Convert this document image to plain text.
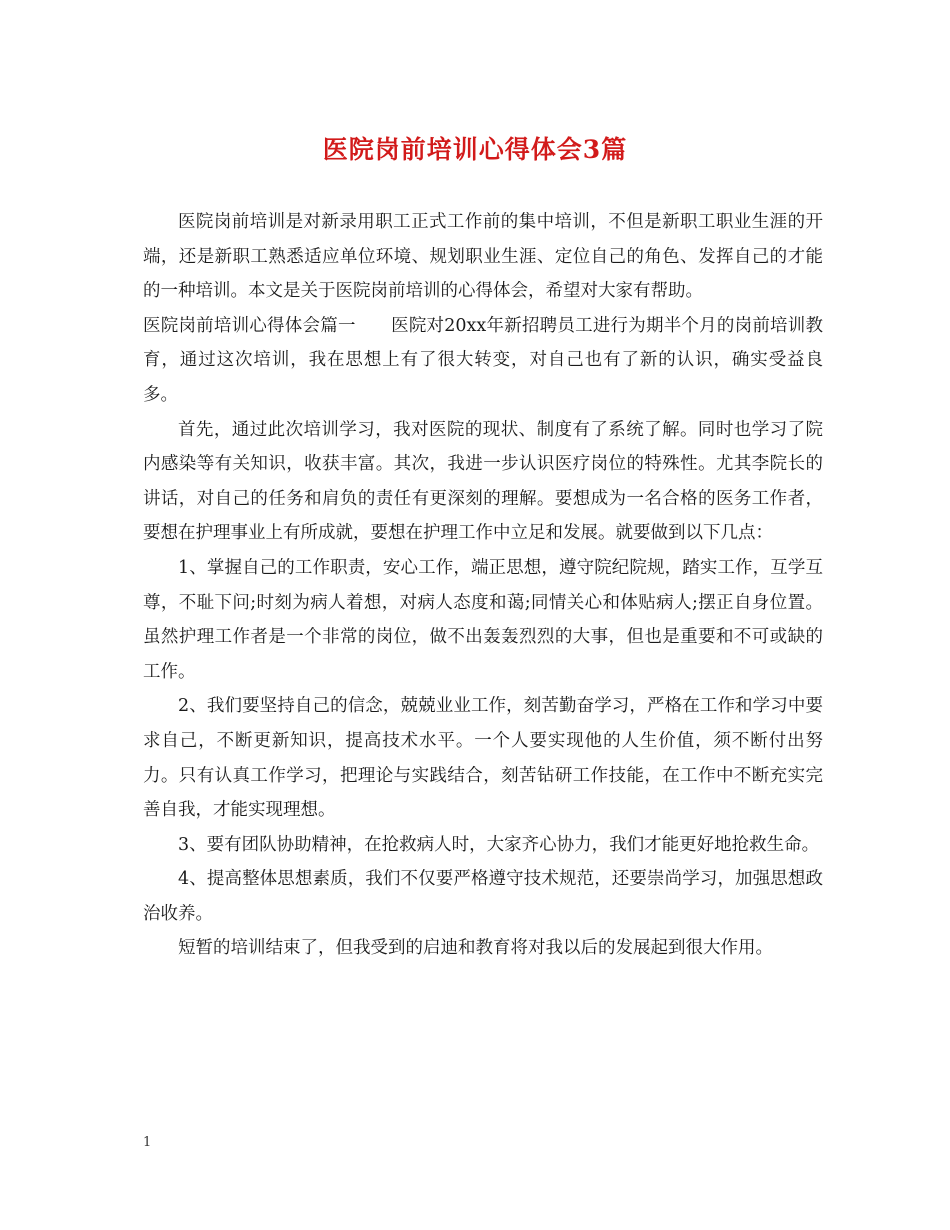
医院岗前培训心得体会3篇

医院岗前培训是对新录用职工正式工作前的集中培训，不但是新职工职业生涯的开端，还是新职工熟悉适应单位环境、规划职业生涯、定位自己的角色、发挥自己的才能的一种培训。本文是关于医院岗前培训的心得体会，希望对大家有帮助。

医院岗前培训心得体会篇一　　医院对20xx年新招聘员工进行为期半个月的岗前培训教育，通过这次培训，我在思想上有了很大转变，对自己也有了新的认识，确实受益良多。

首先，通过此次培训学习，我对医院的现状、制度有了系统了解。同时也学习了院内感染等有关知识，收获丰富。其次，我进一步认识医疗岗位的特殊性。尤其李院长的讲话，对自己的任务和肩负的责任有更深刻的理解。要想成为一名合格的医务工作者，要想在护理事业上有所成就，要想在护理工作中立足和发展。就要做到以下几点：

1、掌握自己的工作职责，安心工作，端正思想，遵守院纪院规，踏实工作，互学互尊，不耻下问;时刻为病人着想，对病人态度和蔼;同情关心和体贴病人;摆正自身位置。虽然护理工作者是一个非常的岗位，做不出轰轰烈烈的大事，但也是重要和不可或缺的工作。

2、我们要坚持自己的信念，兢兢业业工作，刻苦勤奋学习，严格在工作和学习中要求自己，不断更新知识，提高技术水平。一个人要实现他的人生价值，须不断付出努力。只有认真工作学习，把理论与实践结合，刻苦钻研工作技能，在工作中不断充实完善自我，才能实现理想。

3、要有团队协助精神，在抢救病人时，大家齐心协力，我们才能更好地抢救生命。

4、提高整体思想素质，我们不仅要严格遵守技术规范，还要崇尚学习，加强思想政治收养。

短暂的培训结束了，但我受到的启迪和教育将对我以后的发展起到很大作用。

1
